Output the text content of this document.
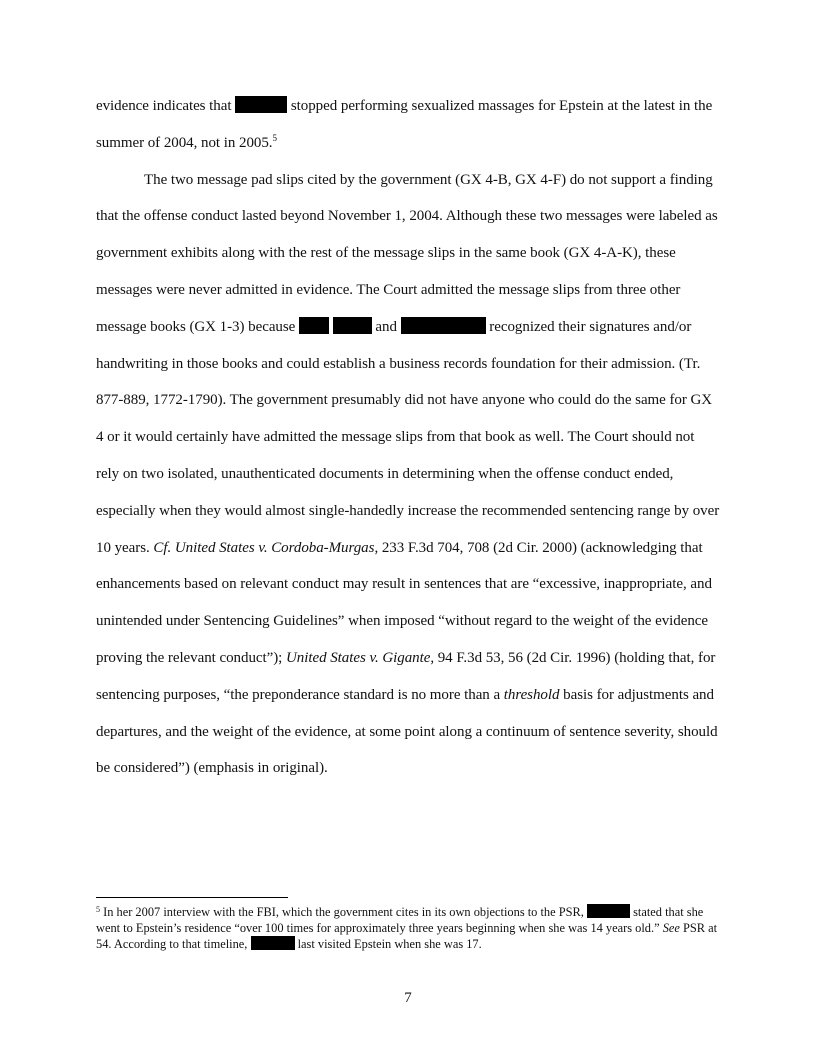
evidence indicates that	stopped performing sexualized massages for Epstein at the latest in the summer of 2004, not in 2005.$^5$

The two message pad slips cited by the government (GX 4-B, GX 4-F) do not support a finding that the offense conduct lasted beyond November 1, 2004. Although these two messages were labeled as government exhibits along with the rest of the message slips in the same book (GX 4-A-K), these messages were never admitted in evidence. The Court admitted the message slips from three other message books (GX 1-3) because	and	recognized their signatures and/or handwriting in those books and could establish a business records foundation for their admission. (Tr. 877-889, 1772-1790). The government presumably did not have anyone who could do the same for GX 4 or it would certainly have admitted the message slips from that book as well. The Court should not rely on two isolated, unauthenticated documents in determining when the offense conduct ended, especially when they would almost single-handedly increase the recommended sentencing range by over 10 years. Cf. United States v. Cordoba-Murgas, 233 F.3d 704, 708 (2d Cir. 2000) (acknowledging that enhancements based on relevant conduct may result in sentences that are “excessive, inappropriate, and unintended under Sentencing Guidelines” when imposed “without regard to the weight of the evidence proving the relevant conduct”); United States v. Gigante, 94 F.3d 53, 56 (2d Cir. 1996) (holding that, for sentencing purposes, “the preponderance standard is no more than a threshold basis for adjustments and departures, and the weight of the evidence, at some point along a continuum of sentence severity, should be considered”) (emphasis in original).

$^5$ In her 2007 interview with the FBI, which the government cites in its own objections to the PSR,	stated that she went to Epstein’s residence “over 100 times for approximately three years beginning when she was 14 years old.” See PSR at 54. According to that timeline,	last visited Epstein when she was 17.

7
